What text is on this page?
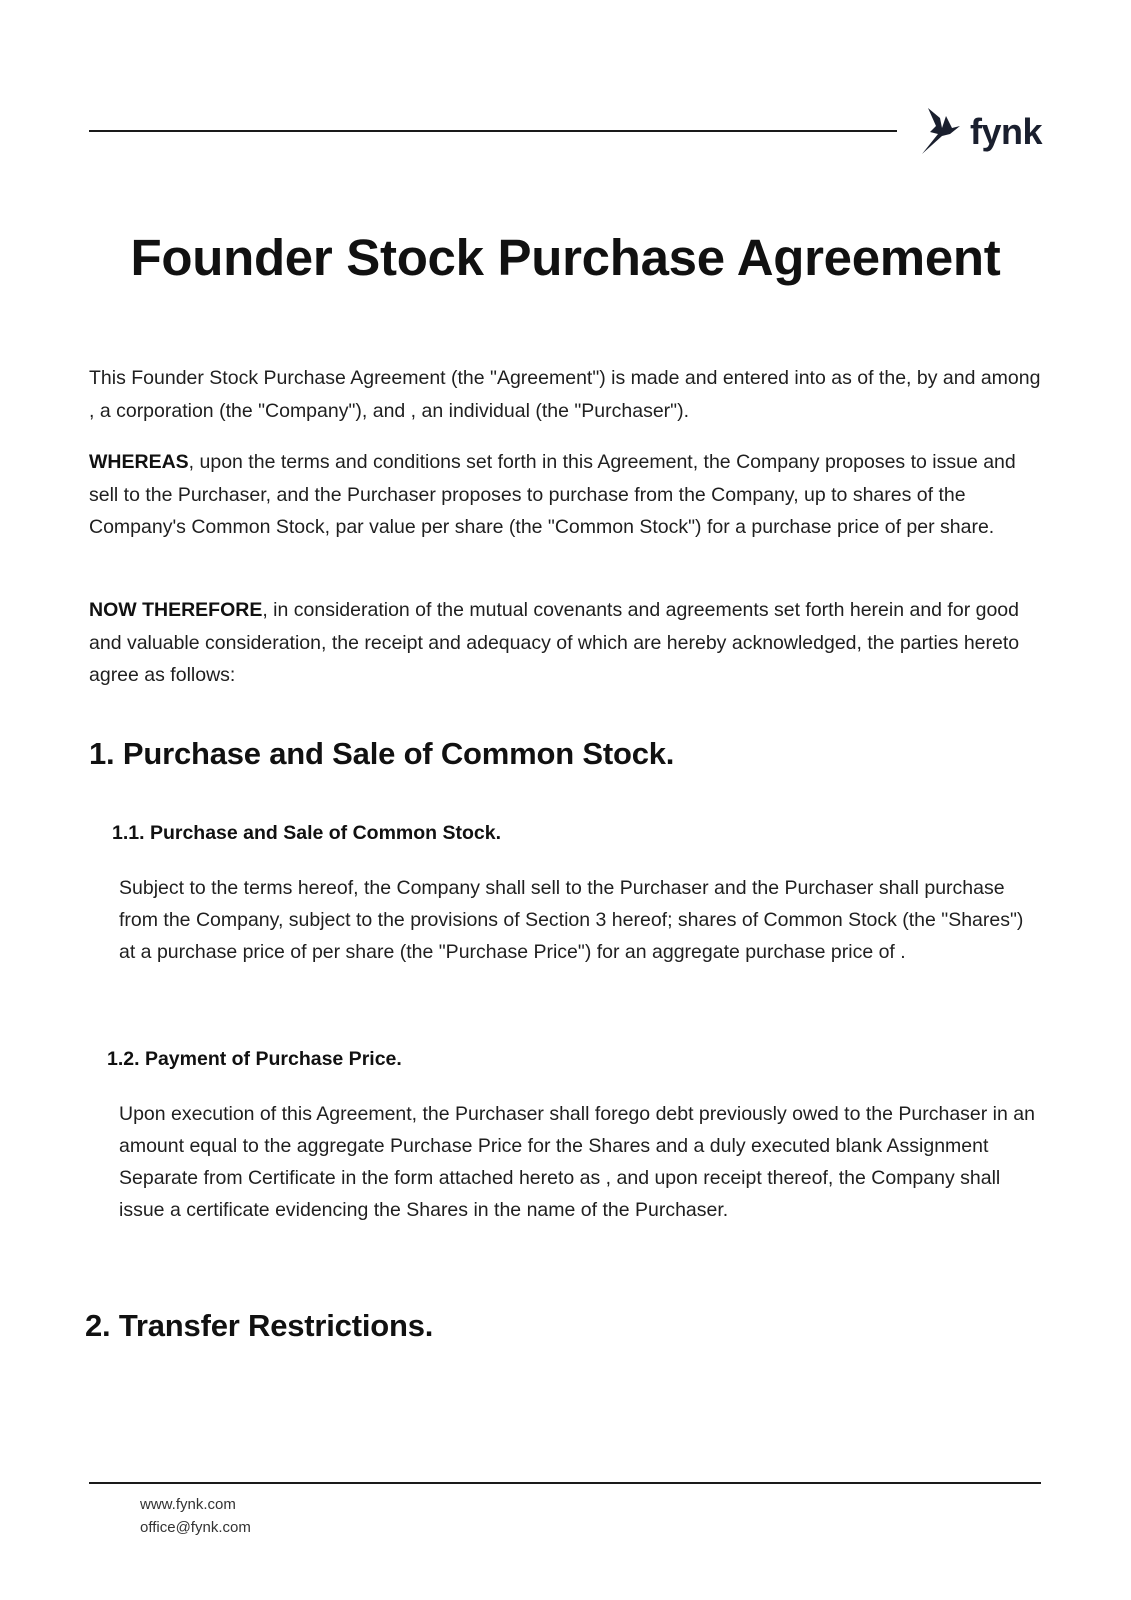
fynk
Founder Stock Purchase Agreement

This Founder Stock Purchase Agreement (the "Agreement") is made and entered into as of the, by and among , a corporation (the "Company"), and , an individual (the "Purchaser").

WHEREAS, upon the terms and conditions set forth in this Agreement, the Company proposes to issue and sell to the Purchaser, and the Purchaser proposes to purchase from the Company, up to shares of the Company's Common Stock, par value per share (the "Common Stock") for a purchase price of per share.

NOW THEREFORE, in consideration of the mutual covenants and agreements set forth herein and for good and valuable consideration, the receipt and adequacy of which are hereby acknowledged, the parties hereto agree as follows:

1. Purchase and Sale of Common Stock.
1.1. Purchase and Sale of Common Stock.

Subject to the terms hereof, the Company shall sell to the Purchaser and the Purchaser shall purchase from the Company, subject to the provisions of Section 3 hereof; shares of Common Stock (the "Shares") at a purchase price of per share (the "Purchase Price") for an aggregate purchase price of .

1.2. Payment of Purchase Price.

Upon execution of this Agreement, the Purchaser shall forego debt previously owed to the Purchaser in an amount equal to the aggregate Purchase Price for the Shares and a duly executed blank Assignment Separate from Certificate in the form attached hereto as , and upon receipt thereof, the Company shall issue a certificate evidencing the Shares in the name of the Purchaser.

2. Transfer Restrictions.

www.fynk.com

office@fynk.com
